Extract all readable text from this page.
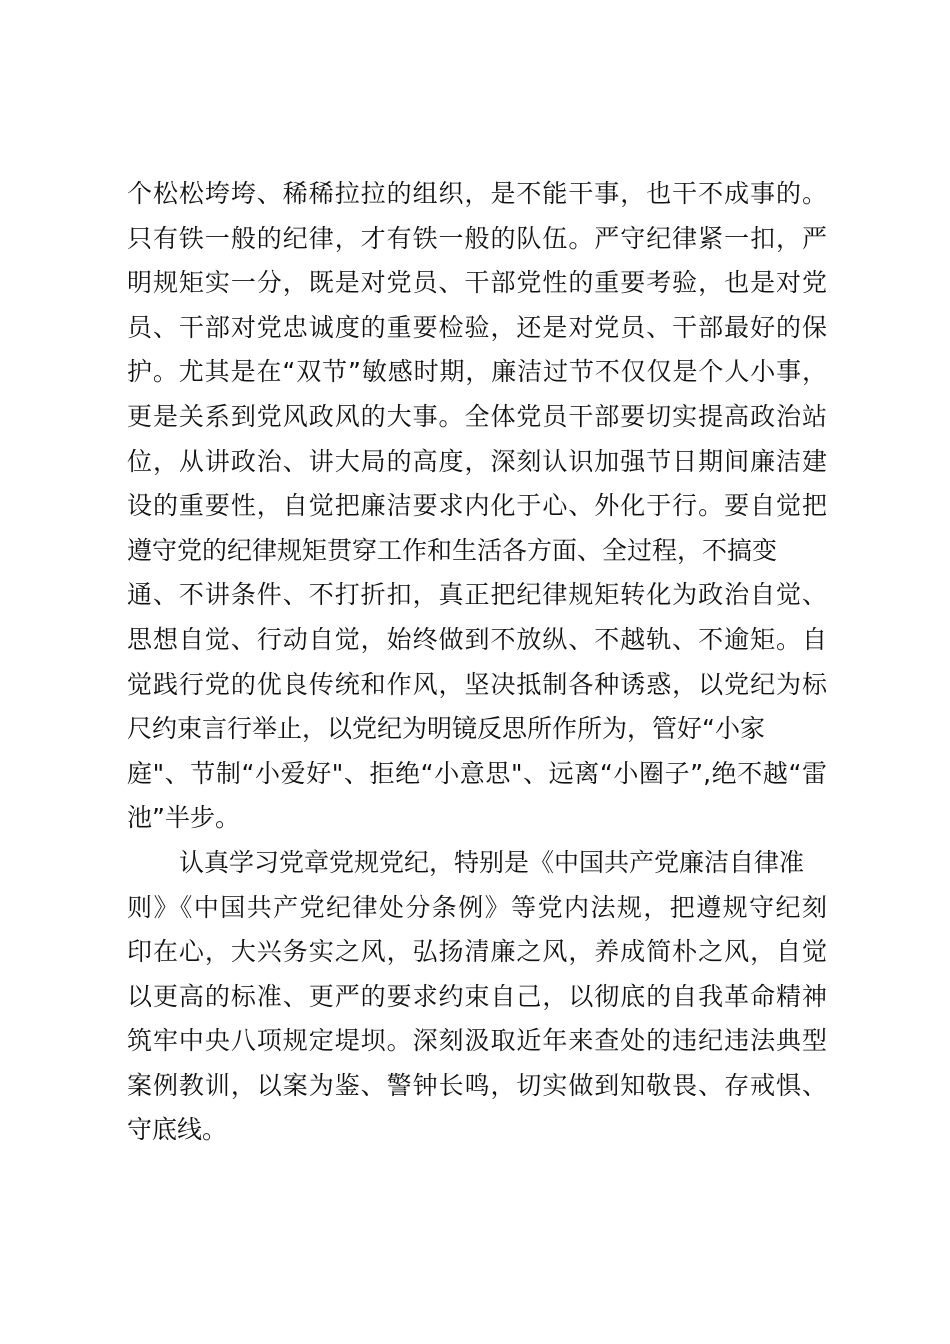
个松松垮垮、稀稀拉拉的组织，是不能干事，也干不成事的。
只有铁一般的纪律，才有铁一般的队伍。严守纪律紧一扣，严
明规矩实一分，既是对党员、干部党性的重要考验，也是对党
员、干部对党忠诚度的重要检验，还是对党员、干部最好的保
护。尤其是在“双节”敏感时期，廉洁过节不仅仅是个人小事，
更是关系到党风政风的大事。全体党员干部要切实提高政治站
位，从讲政治、讲大局的高度，深刻认识加强节日期间廉洁建
设的重要性，自觉把廉洁要求内化于心、外化于行。要自觉把
遵守党的纪律规矩贯穿工作和生活各方面、全过程，不搞变
通、不讲条件、不打折扣，真正把纪律规矩转化为政治自觉、
思想自觉、行动自觉，始终做到不放纵、不越轨、不逾矩。自
觉践行党的优良传统和作风，坚决抵制各种诱惑，以党纪为标
尺约束言行举止，以党纪为明镜反思所作所为，管好“小家
庭"、节制“小爱好"、拒绝“小意思"、远离“小圈子”,绝不越“雷
池”半步。
认真学习党章党规党纪，特别是《中国共产党廉洁自律准
则》《中国共产党纪律处分条例》等党内法规，把遵规守纪刻
印在心，大兴务实之风，弘扬清廉之风，养成简朴之风，自觉
以更高的标准、更严的要求约束自己，以彻底的自我革命精神
筑牢中央八项规定堤坝。深刻汲取近年来查处的违纪违法典型
案例教训，以案为鉴、警钟长鸣，切实做到知敬畏、存戒惧、
守底线。
